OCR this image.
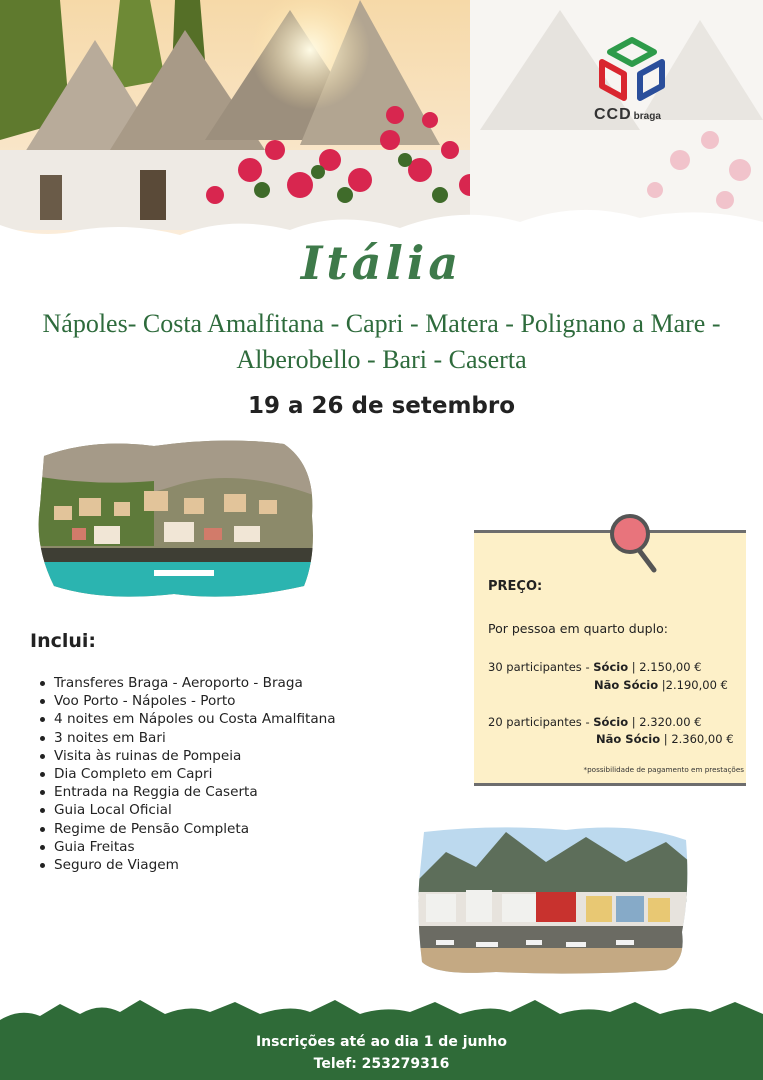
CCD braga
Itália
Nápoles- Costa Amalfitana - Capri - Matera - Polignano a Mare -
Alberobello - Bari - Caserta
19 a 26 de setembro
Inclui:
Transferes Braga - Aeroporto - Braga
Voo Porto - Nápoles - Porto
4 noites em Nápoles ou Costa Amalfitana
3 noites em Bari
Visita às ruinas de Pompeia
Dia Completo em Capri
Entrada na Reggia de Caserta
Guia Local Oficial
Regime de Pensão Completa
Guia Freitas
Seguro de Viagem
PREÇO:
Por pessoa em quarto duplo:
30 participantes - Sócio | 2.150,00 €
Não Sócio |2.190,00 €
20 participantes - Sócio | 2.320.00 €
Não Sócio | 2.360,00 €
*possibilidade de pagamento em prestações
Inscrições até ao dia 1 de junho
Telef: 253279316
